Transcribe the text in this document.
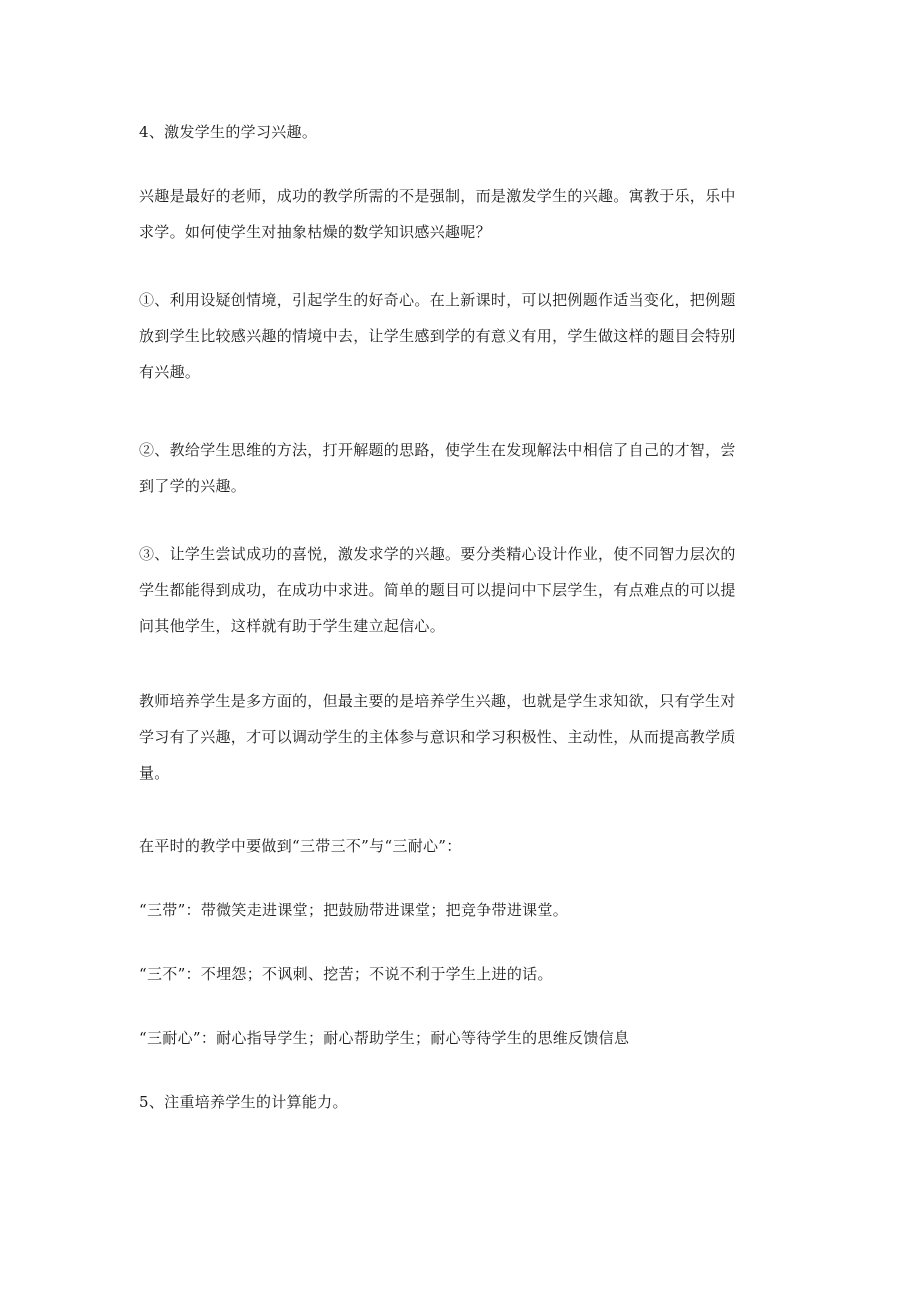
4、激发学生的学习兴趣。

兴趣是最好的老师，成功的教学所需的不是强制，而是激发学生的兴趣。寓教于乐，乐中
求学。如何使学生对抽象枯燥的数学知识感兴趣呢？

①、利用设疑创情境，引起学生的好奇心。在上新课时，可以把例题作适当变化，把例题
放到学生比较感兴趣的情境中去，让学生感到学的有意义有用，学生做这样的题目会特别
有兴趣。

②、教给学生思维的方法，打开解题的思路，使学生在发现解法中相信了自己的才智，尝
到了学的兴趣。

③、让学生尝试成功的喜悦，激发求学的兴趣。要分类精心设计作业，使不同智力层次的
学生都能得到成功，在成功中求进。简单的题目可以提问中下层学生，有点难点的可以提
问其他学生，这样就有助于学生建立起信心。

教师培养学生是多方面的，但最主要的是培养学生兴趣，也就是学生求知欲，只有学生对
学习有了兴趣，才可以调动学生的主体参与意识和学习积极性、主动性，从而提高教学质
量。

在平时的教学中要做到“三带三不”与“三耐心”：

“三带”：带微笑走进课堂；把鼓励带进课堂；把竞争带进课堂。

“三不”：不埋怨；不讽刺、挖苦；不说不利于学生上进的话。

“三耐心”：耐心指导学生；耐心帮助学生；耐心等待学生的思维反馈信息

5、注重培养学生的计算能力。
